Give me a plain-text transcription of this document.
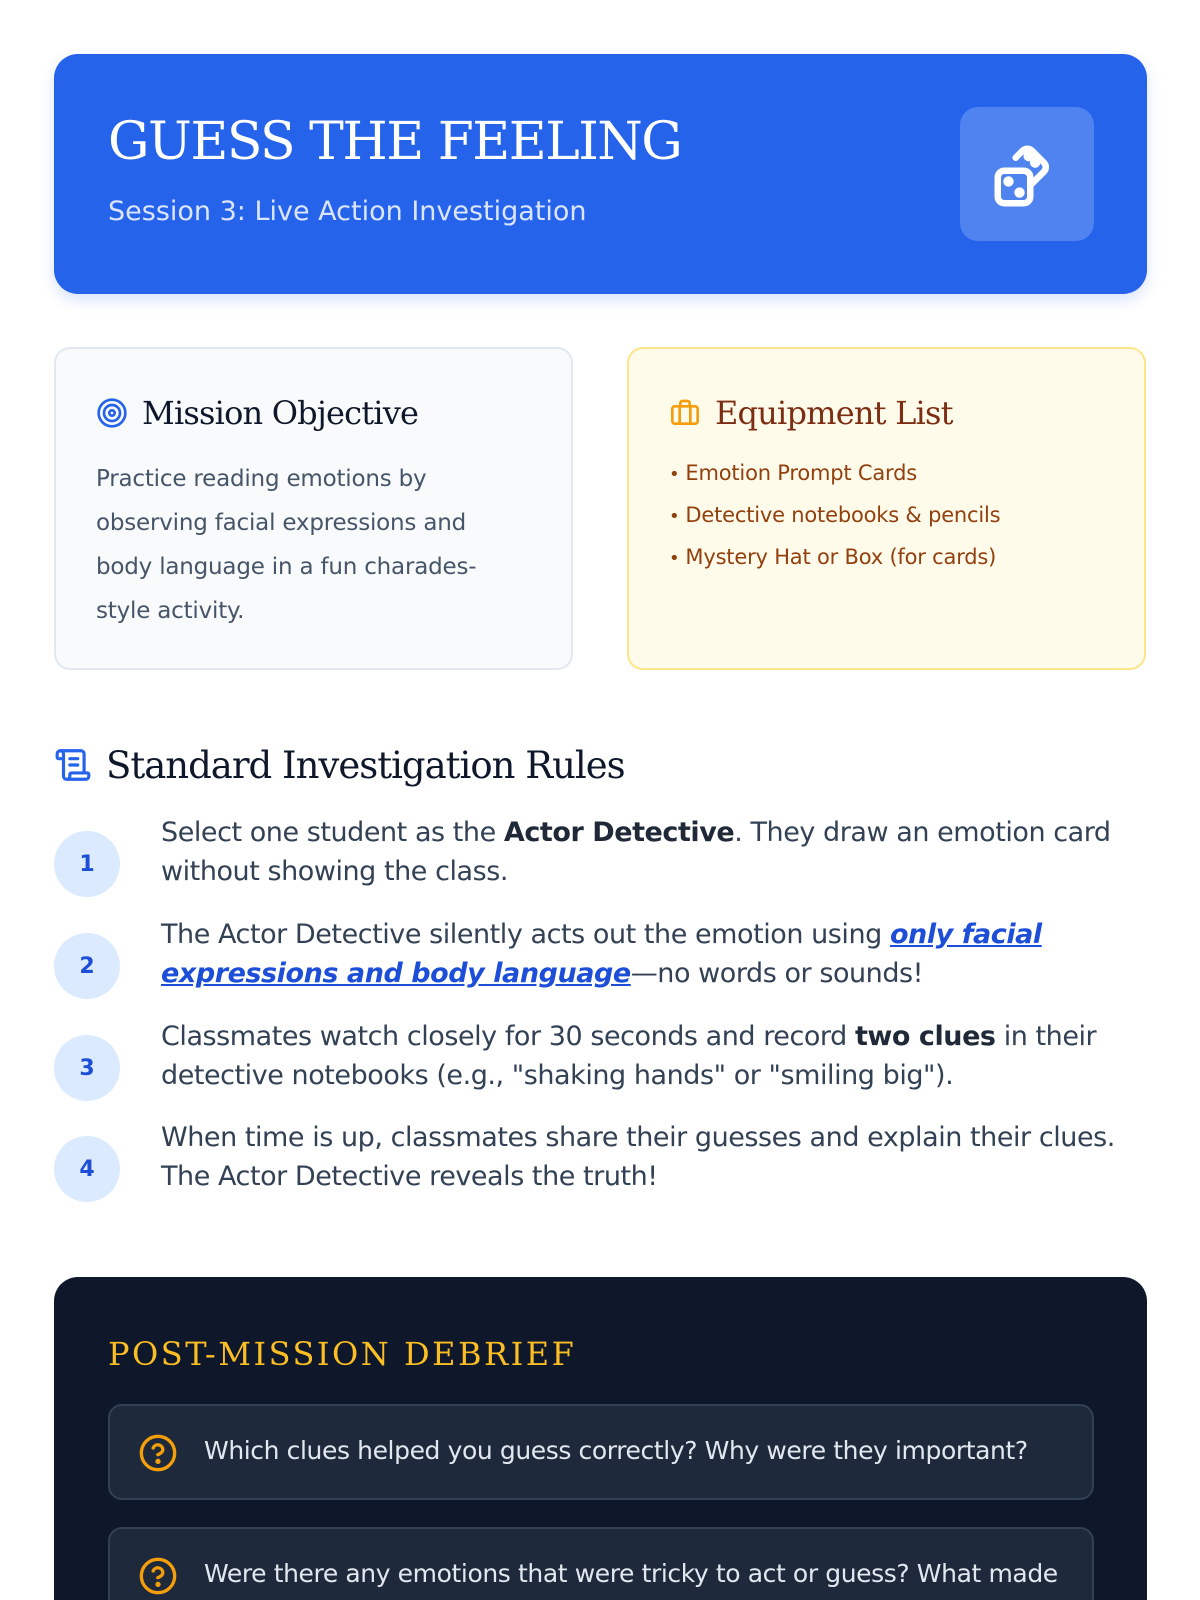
GUESS THE FEELING
Session 3: Live Action Investigation
Mission Objective
Practice reading emotions by observing facial expressions and body language in a fun charades-style activity.
Equipment List
• Emotion Prompt Cards
• Detective notebooks & pencils
• Mystery Hat or Box (for cards)
Standard Investigation Rules
1
Select one student as the Actor Detective. They draw an emotion card without showing the class.
2
The Actor Detective silently acts out the emotion using only facial expressions and body language—no words or sounds!
3
Classmates watch closely for 30 seconds and record two clues in their detective notebooks (e.g., "shaking hands" or "smiling big").
4
When time is up, classmates share their guesses and explain their clues. The Actor Detective reveals the truth!
POST-MISSION DEBRIEF
Which clues helped you guess correctly? Why were they important?
Were there any emotions that were tricky to act or guess? What made
